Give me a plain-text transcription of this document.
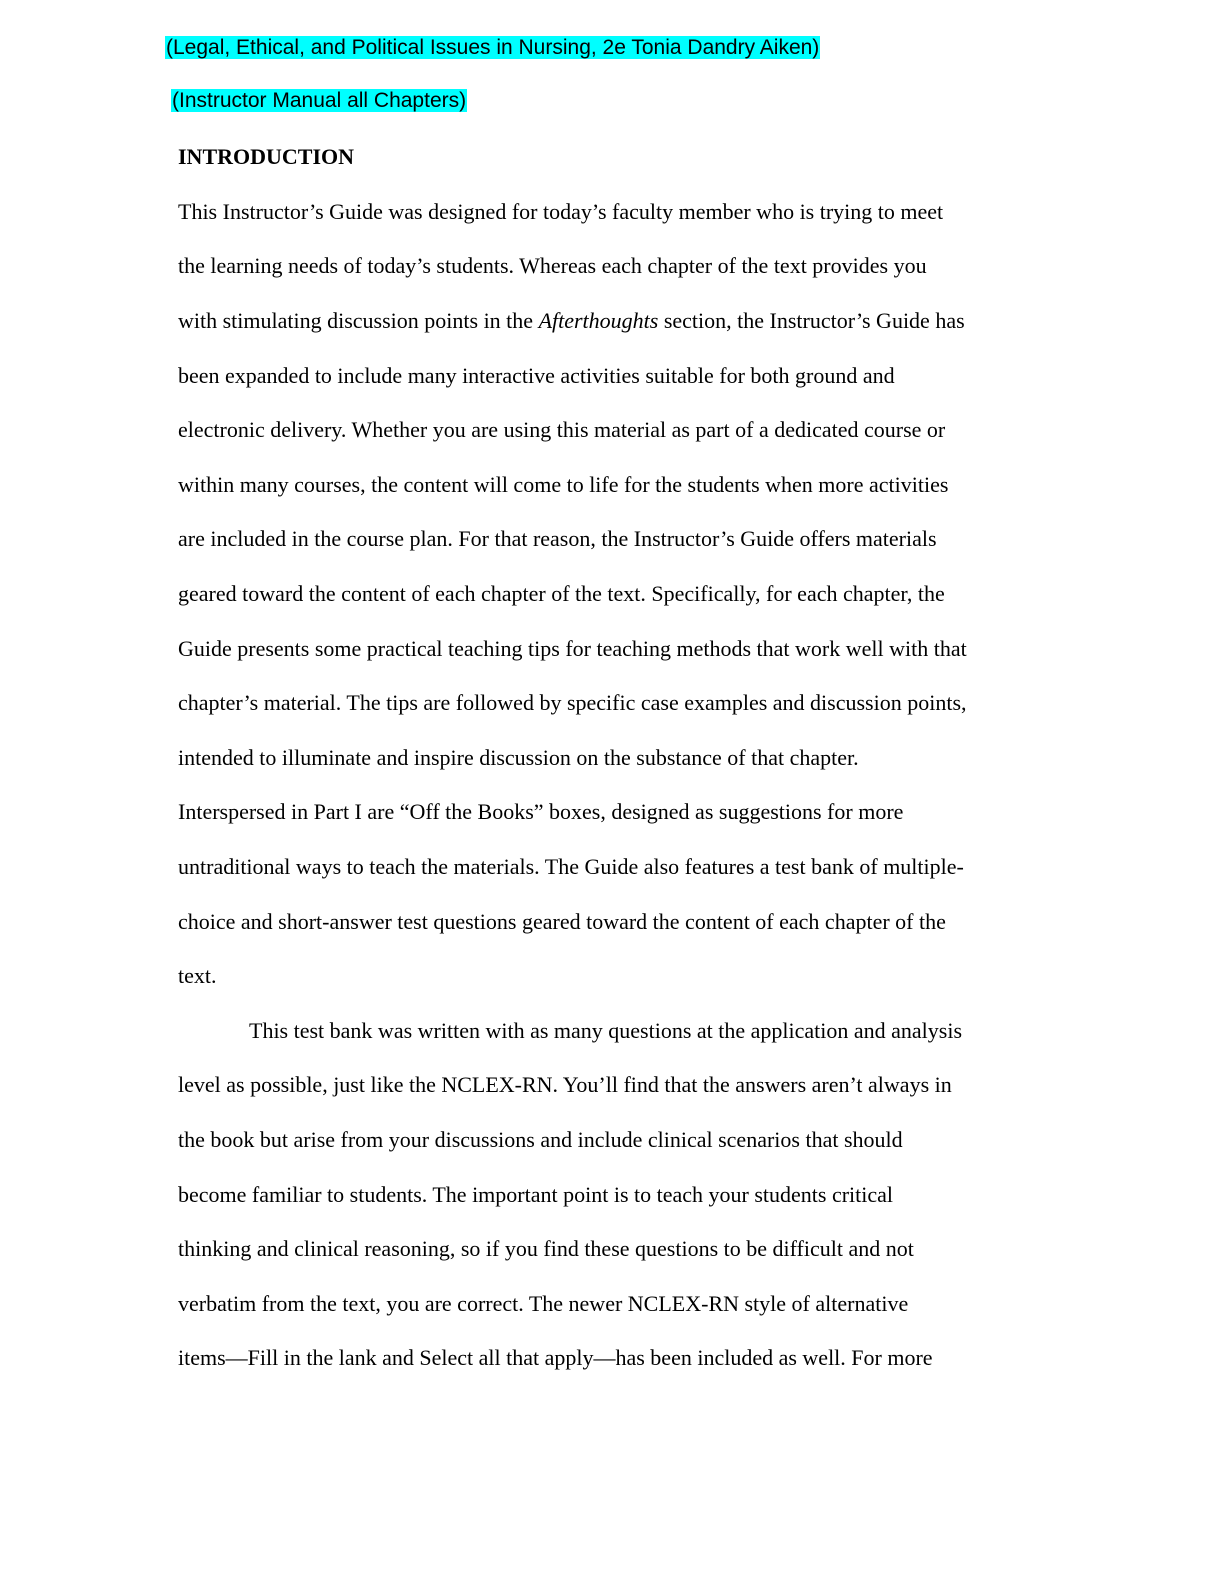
(Legal, Ethical, and Political Issues in Nursing, 2e Tonia Dandry Aiken)
(Instructor Manual all Chapters)
INTRODUCTION
This Instructor’s Guide was designed for today’s faculty member who is trying to meet
the learning needs of today’s students. Whereas each chapter of the text provides you
with stimulating discussion points in the Afterthoughts section, the Instructor’s Guide has
been expanded to include many interactive activities suitable for both ground and
electronic delivery. Whether you are using this material as part of a dedicated course or
within many courses, the content will come to life for the students when more activities
are included in the course plan. For that reason, the Instructor’s Guide offers materials
geared toward the content of each chapter of the text. Specifically, for each chapter, the
Guide presents some practical teaching tips for teaching methods that work well with that
chapter’s material. The tips are followed by specific case examples and discussion points,
intended to illuminate and inspire discussion on the substance of that chapter.
Interspersed in Part I are “Off the Books” boxes, designed as suggestions for more
untraditional ways to teach the materials. The Guide also features a test bank of multiple-
choice and short-answer test questions geared toward the content of each chapter of the
text.
This test bank was written with as many questions at the application and analysis
level as possible, just like the NCLEX-RN. You’ll find that the answers aren’t always in
the book but arise from your discussions and include clinical scenarios that should
become familiar to students. The important point is to teach your students critical
thinking and clinical reasoning, so if you find these questions to be difficult and not
verbatim from the text, you are correct. The newer NCLEX-RN style of alternative
items—Fill in the lank and Select all that apply—has been included as well. For more
